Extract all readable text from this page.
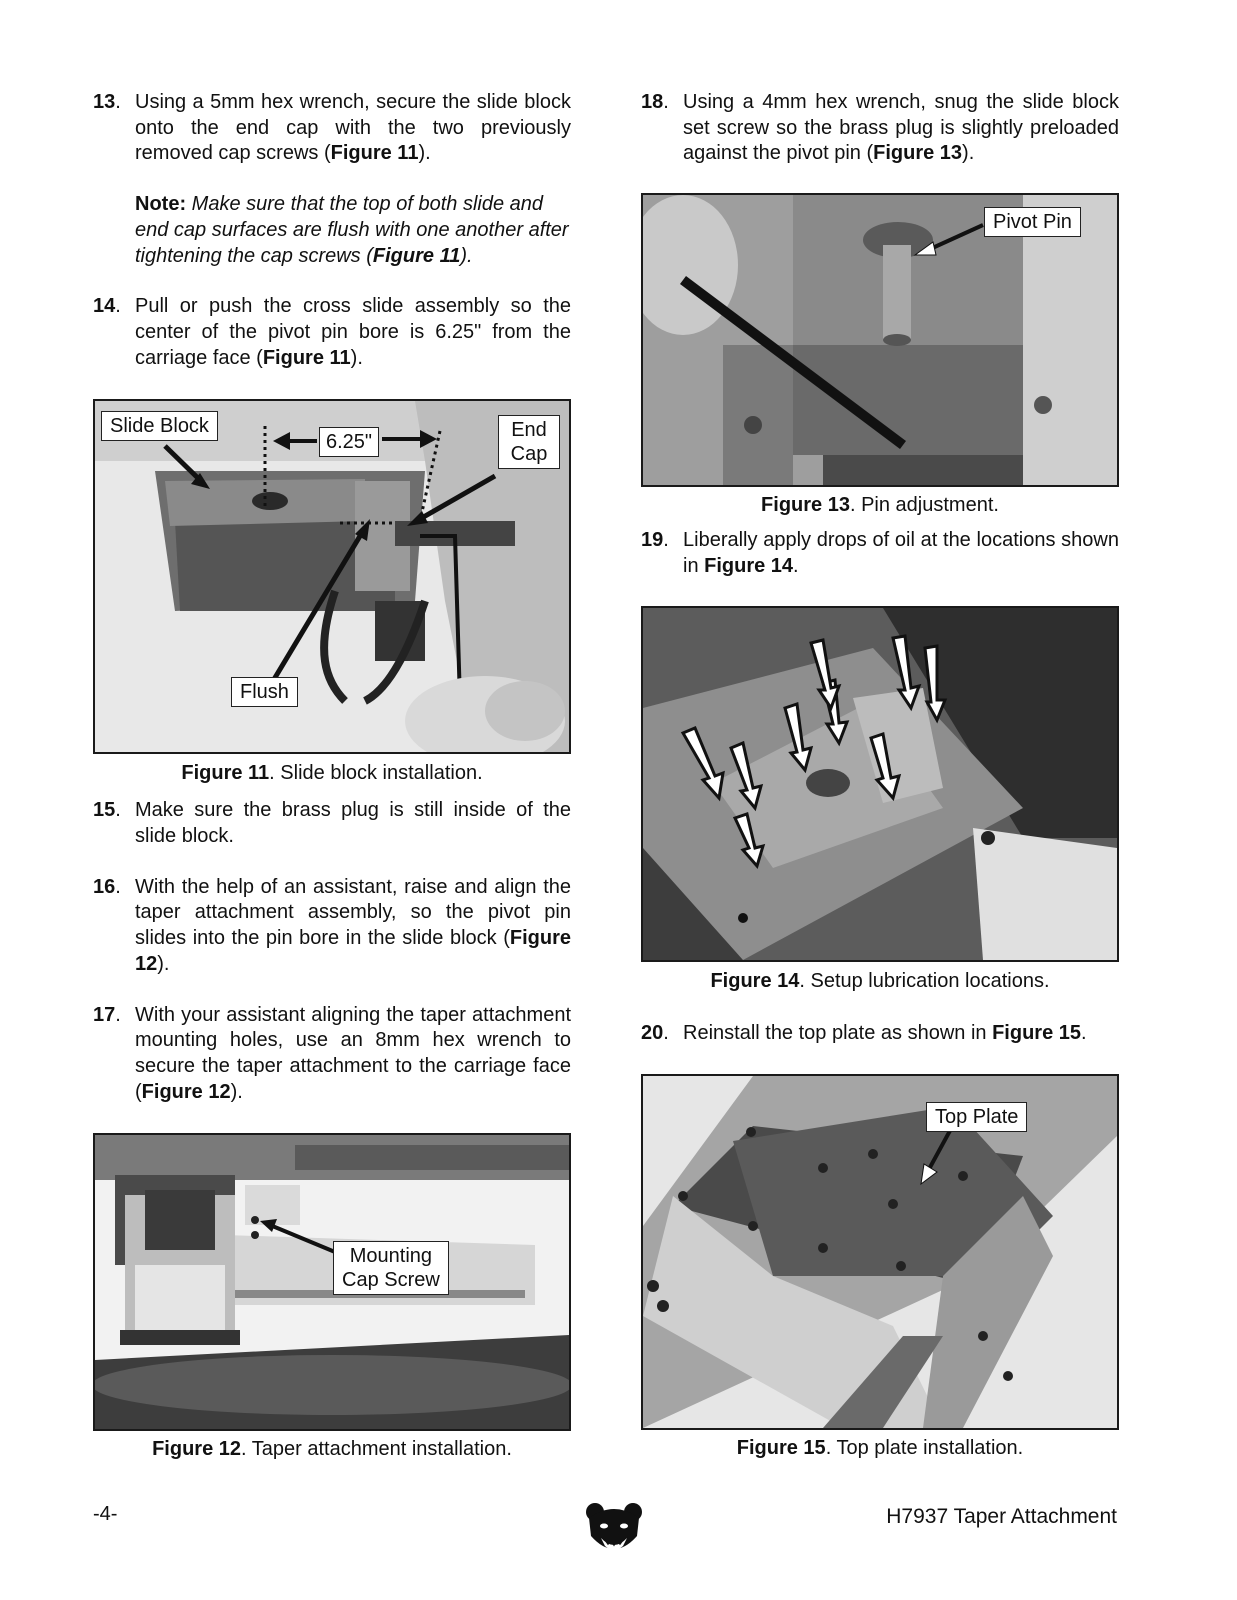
13. Using a 5mm hex wrench, secure the slide block onto the end cap with the two previously removed cap screws (Figure 11).
Note: Make sure that the top of both slide and end cap surfaces are flush with one another after tightening the cap screws (Figure 11).
14. Pull or push the cross slide assembly so the center of the pivot pin bore is 6.25" from the carriage face (Figure 11).
Slide Block
6.25"
End
Cap
Flush
Figure 11. Slide block installation.
15. Make sure the brass plug is still inside of the slide block.
16. With the help of an assistant, raise and align the taper attachment assembly, so the pivot pin slides into the pin bore in the slide block (Figure 12).
17. With your assistant aligning the taper attachment mounting holes, use an 8mm hex wrench to secure the taper attachment to the carriage face (Figure 12).
Mounting
Cap Screw
Figure 12. Taper attachment installation.
18. Using a 4mm hex wrench, snug the slide block set screw so the brass plug is slightly preloaded against the pivot pin (Figure 13).
Pivot Pin
Figure 13. Pin adjustment.
19. Liberally apply drops of oil at the locations shown in Figure 14.
Figure 14. Setup lubrication locations.
20. Reinstall the top plate as shown in Figure 15.
Top Plate
Figure 15. Top plate installation.
-4-	H7937 Taper Attachment
